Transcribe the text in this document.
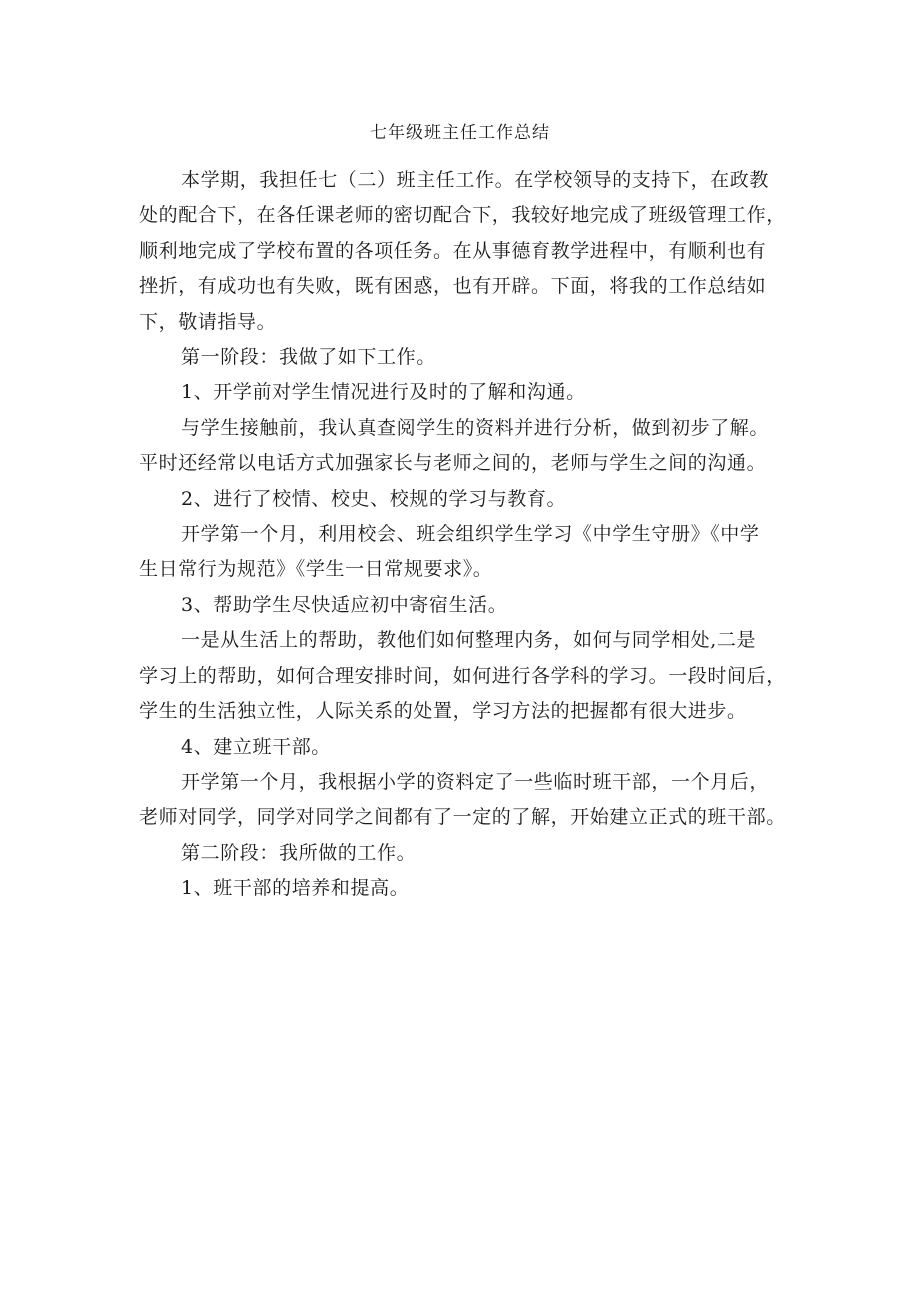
七年级班主任工作总结

本学期，我担任七（二）班主任工作。在学校领导的支持下，在政教

处的配合下，在各任课老师的密切配合下，我较好地完成了班级管理工作，

顺利地完成了学校布置的各项任务。在从事德育教学进程中，有顺利也有

挫折，有成功也有失败，既有困惑，也有开辟。下面，将我的工作总结如

下，敬请指导。

第一阶段：我做了如下工作。

1、开学前对学生情况进行及时的了解和沟通。

与学生接触前，我认真查阅学生的资料并进行分析，做到初步了解。

平时还经常以电话方式加强家长与老师之间的，老师与学生之间的沟通。

2、进行了校情、校史、校规的学习与教育。

开学第一个月，利用校会、班会组织学生学习《中学生守册》《中学

生日常行为规范》《学生一日常规要求》。

3、帮助学生尽快适应初中寄宿生活。

一是从生活上的帮助，教他们如何整理内务，如何与同学相处,二是

学习上的帮助，如何合理安排时间，如何进行各学科的学习。一段时间后，

学生的生活独立性，人际关系的处置，学习方法的把握都有很大进步。

4、建立班干部。

开学第一个月，我根据小学的资料定了一些临时班干部，一个月后，

老师对同学，同学对同学之间都有了一定的了解，开始建立正式的班干部。

第二阶段：我所做的工作。

1、班干部的培养和提高。
